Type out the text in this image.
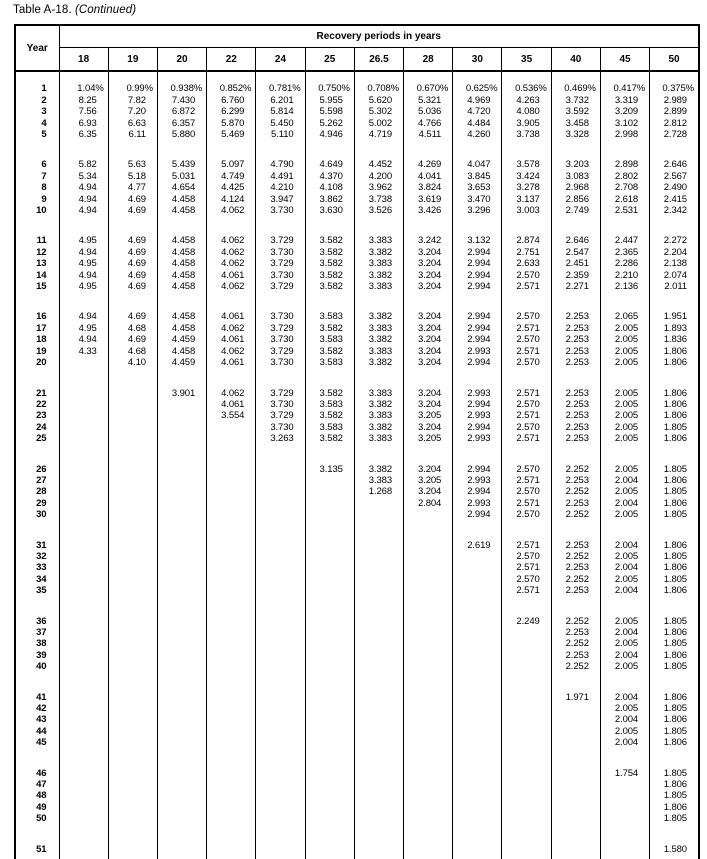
Table A-18. (Continued)
Year	Recovery periods in years												
	18	19	20	22	24	25	26.5	28	30	35	40	45	50

1	1.04%	0.99%	0.938%	0.852%	0.781%	0.750%	0.708%	0.670%	0.625%	0.536%	0.469%	0.417%	0.375%
2	8.25	7.82	7.430	6.760	6.201	5.955	5.620	5.321	4.969	4.263	3.732	3.319	2.989
3	7.56	7.20	6.872	6.299	5.814	5.598	5.302	5.036	4.720	4.080	3.592	3.209	2.899
4	6.93	6.63	6.357	5.870	5.450	5.262	5.002	4.766	4.484	3.905	3.458	3.102	2.812
5	6.35	6.11	5.880	5.469	5.110	4.946	4.719	4.511	4.260	3.738	3.328	2.998	2.728

6	5.82	5.63	5.439	5.097	4.790	4.649	4.452	4.269	4.047	3.578	3.203	2.898	2.646
7	5.34	5.18	5.031	4.749	4.491	4.370	4.200	4.041	3.845	3.424	3.083	2.802	2.567
8	4.94	4.77	4.654	4.425	4.210	4.108	3.962	3.824	3.653	3.278	2.968	2.708	2.490
9	4.94	4.69	4.458	4.124	3.947	3.862	3.738	3.619	3.470	3.137	2.856	2.618	2.415
10	4.94	4.69	4.458	4.062	3.730	3.630	3.526	3.426	3.296	3.003	2.749	2.531	2.342

11	4.95	4.69	4.458	4.062	3.729	3.582	3.383	3.242	3.132	2.874	2.646	2.447	2.272
12	4.94	4.69	4.458	4.062	3.730	3.582	3.382	3.204	2.994	2.751	2.547	2.365	2.204
13	4.95	4.69	4.458	4.062	3.729	3.582	3.383	3.204	2.994	2.633	2.451	2.286	2.138
14	4.94	4.69	4.458	4.061	3.730	3.582	3.382	3.204	2.994	2.570	2.359	2.210	2.074
15	4.95	4.69	4.458	4.062	3.729	3.582	3.383	3.204	2.994	2.571	2.271	2.136	2.011

16	4.94	4.69	4.458	4.061	3.730	3.583	3.382	3.204	2.994	2.570	2.253	2.065	1.951
17	4.95	4.68	4.458	4.062	3.729	3.582	3.383	3.204	2.994	2.571	2.253	2.005	1.893
18	4.94	4.69	4.459	4.061	3.730	3.583	3.382	3.204	2.994	2.570	2.253	2.005	1.836
19	4.33	4.68	4.458	4.062	3.729	3.582	3.383	3.204	2.993	2.571	2.253	2.005	1.806
20		4.10	4.459	4.061	3.730	3.583	3.382	3.204	2.994	2.570	2.253	2.005	1.806

21			3.901	4.062	3.729	3.582	3.383	3.204	2.993	2.571	2.253	2.005	1.806
22				4.061	3.730	3.583	3.382	3.204	2.994	2.570	2.253	2.005	1.806
23				3.554	3.729	3.582	3.383	3.205	2.993	2.571	2.253	2.005	1.806
24					3.730	3.583	3.382	3.204	2.994	2.570	2.253	2.005	1.805
25					3.263	3.582	3.383	3.205	2.993	2.571	2.253	2.005	1.806

26						3.135	3.382	3.204	2.994	2.570	2.252	2.005	1.805
27							3.383	3.205	2.993	2.571	2.253	2.004	1.806
28							1.268	3.204	2.994	2.570	2.252	2.005	1.805
29								2.804	2.993	2.571	2.253	2.004	1.806
30									2.994	2.570	2.252	2.005	1.805

31									2.619	2.571	2.253	2.004	1.806
32										2.570	2.252	2.005	1.805
33										2.571	2.253	2.004	1.806
34										2.570	2.252	2.005	1.805
35										2.571	2.253	2.004	1.806

36										2.249	2.252	2.005	1.805
37											2.253	2.004	1.806
38											2.252	2.005	1.805
39											2.253	2.004	1.806
40											2.252	2.005	1.805

41											1.971	2.004	1.806
42												2.005	1.805
43												2.004	1.806
44												2.005	1.805
45												2.004	1.806

46												1.754	1.805
47													1.806
48													1.805
49													1.806
50													1.805

51													1.580
